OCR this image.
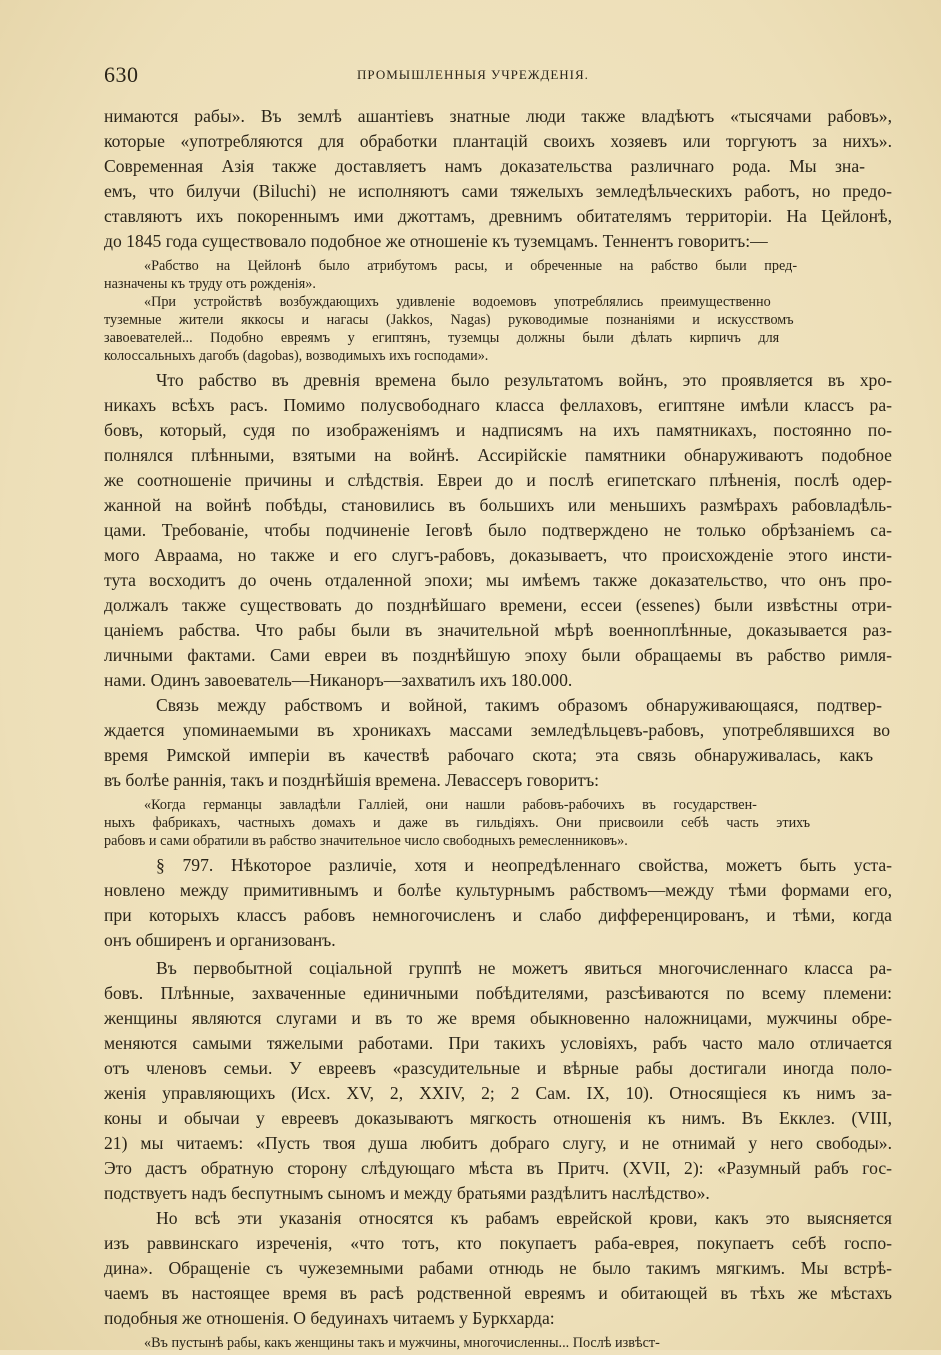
630	ПРОМЫШЛЕННЫЯ УЧРЕЖДЕНІЯ.
нимаются рабы». Въ землѣ ашантіевъ знатные люди также владѣютъ «тысячами рабовъ»,
которые «употребляются для обработки плантацій своихъ хозяевъ или торгуютъ за нихъ».
Современная Азія также доставляетъ намъ доказательства различнаго рода. Мы зна-
емъ, что билучи (Biluchi) не исполняютъ сами тяжелыхъ земледѣльческихъ работъ, но предо-
ставляютъ ихъ покореннымъ ими джоттамъ, древнимъ обитателямъ территоріи. На Цейлонѣ,
до 1845 года существовало подобное же отношеніе къ туземцамъ. Теннентъ говоритъ:—
«Рабство на Цейлонѣ было атрибутомъ расы, и обреченные на рабство были пред-
назначены къ труду отъ рожденія».
«При устройствѣ возбуждающихъ удивленіе водоемовъ употреблялись преимущественно
туземные жители яккосы и нагасы (Jakkos, Nagas) руководимые познаніями и искусствомъ
завоевателей... Подобно евреямъ у египтянъ, туземцы должны были дѣлать кирпичъ для
колоссальныхъ дагобъ (dagobas), возводимыхъ ихъ господами».
Что рабство въ древнія времена было результатомъ войнъ, это проявляется въ хро-
никахъ всѣхъ расъ. Помимо полусвободнаго класса феллаховъ, египтяне имѣли классъ ра-
бовъ, который, судя по изображеніямъ и надписямъ на ихъ памятникахъ, постоянно по-
полнялся плѣнными, взятыми на войнѣ. Ассирійскіе памятники обнаруживаютъ подобное
же соотношеніе причины и слѣдствія. Евреи до и послѣ египетскаго плѣненія, послѣ одер-
жанной на войнѣ побѣды, становились въ большихъ или меньшихъ размѣрахъ рабовладѣль-
цами. Требованіе, чтобы подчиненіе Іеговѣ было подтверждено не только обрѣзаніемъ са-
мого Авраама, но также и его слугъ-рабовъ, доказываетъ, что происхожденіе этого инсти-
тута восходитъ до очень отдаленной эпохи; мы имѣемъ также доказательство, что онъ про-
должалъ также существовать до позднѣйшаго времени, ессеи (essenes) были извѣстны отри-
цаніемъ рабства. Что рабы были въ значительной мѣрѣ военноплѣнные, доказывается раз-
личными фактами. Сами евреи въ позднѣйшую эпоху были обращаемы въ рабство римля-
нами. Одинъ завоеватель—Никаноръ—захватилъ ихъ 180.000.
Связь между рабствомъ и войной, такимъ образомъ обнаруживающаяся, подтвер-
ждается упоминаемыми въ хроникахъ массами земледѣльцевъ-рабовъ, употреблявшихся во
время Римской имперіи въ качествѣ рабочаго скота; эта связь обнаруживалась, какъ
въ болѣе раннія, такъ и позднѣйшія времена. Левассеръ говоритъ:
«Когда германцы завладѣли Галліей, они нашли рабовъ-рабочихъ въ государствен-
ныхъ фабрикахъ, частныхъ домахъ и даже въ гильдіяхъ. Они присвоили себѣ часть этихъ
рабовъ и сами обратили въ рабство значительное число свободныхъ ремесленниковъ».
§ 797. Нѣкоторое различіе, хотя и неопредѣленнаго свойства, можетъ быть уста-
новлено между примитивнымъ и болѣе культурнымъ рабствомъ—между тѣми формами его,
при которыхъ классъ рабовъ немногочисленъ и слабо дифференцированъ, и тѣми, когда
онъ обширенъ и организованъ.
Въ первобытной соціальной группѣ не можетъ явиться многочисленнаго класса ра-
бовъ. Плѣнные, захваченные единичными побѣдителями, разсѣиваются по всему племени:
женщины являются слугами и въ то же время обыкновенно наложницами, мужчины обре-
меняются самыми тяжелыми работами. При такихъ условіяхъ, рабъ часто мало отличается
отъ членовъ семьи. У евреевъ «разсудительные и вѣрные рабы достигали иногда поло-
женія управляющихъ (Исх. XV, 2, XXIV, 2; 2 Сам. IX, 10). Относящіеся къ нимъ за-
коны и обычаи у евреевъ доказываютъ мягкость отношенія къ нимъ. Въ Екклез. (VIII,
21) мы читаемъ: «Пусть твоя душа любитъ добраго слугу, и не отнимай у него свободы».
Это дастъ обратную сторону слѣдующаго мѣста въ Притч. (XVII, 2): «Разумный рабъ гос-
подствуетъ надъ беспутнымъ сыномъ и между братьями раздѣлитъ наслѣдство».
Но всѣ эти указанія относятся къ рабамъ еврейской крови, какъ это выясняется
изъ раввинскаго изреченія, «что тотъ, кто покупаетъ раба-еврея, покупаетъ себѣ госпо-
дина». Обращеніе съ чужеземными рабами отнюдь не было такимъ мягкимъ. Мы встрѣ-
чаемъ въ настоящее время въ расѣ родственной евреямъ и обитающей въ тѣхъ же мѣстахъ
подобныя же отношенія. О бедуинахъ читаемъ у Буркхарда:
«Въ пустынѣ рабы, какъ женщины такъ и мужчины, многочисленны... Послѣ извѣст-
